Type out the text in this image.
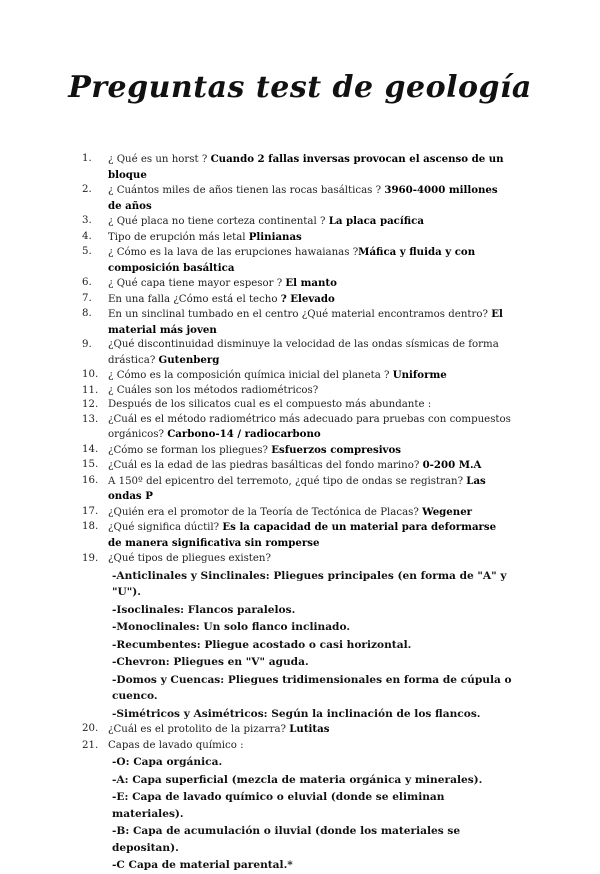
Preguntas test de geología
1.	¿ Qué es un horst ? Cuando 2 fallas inversas provocan el ascenso de un bloque
2.	¿ Cuántos miles de años tienen las rocas basálticas ? 3960-4000 millones de años
3.	¿ Qué placa no tiene corteza continental ? La placa pacífica
4.	Tipo de erupción más letal Plinianas
5.	¿ Cómo es la lava de las erupciones hawaianas ?Máfica y fluida y con composición basáltica
6.	¿ Qué capa tiene mayor espesor ? El manto
7.	En una falla ¿Cómo está el techo ? Elevado
8.	En un sinclinal tumbado en el centro ¿Qué material encontramos dentro? El material más joven
9.	¿Qué discontinuidad disminuye la velocidad de las ondas sísmicas de forma drástica? Gutenberg
10. ¿ Cómo es la composición química inicial del planeta ? Uniforme
11. ¿ Cuáles son los métodos radiométricos?
12. Después de los silicatos cual es el compuesto más abundante :
13. ¿Cuál es el método radiométrico más adecuado para pruebas con compuestos orgánicos? Carbono-14 / radiocarbono
14. ¿Cómo se forman los pliegues? Esfuerzos compresivos
15. ¿Cuál es la edad de las piedras basálticas del fondo marino? 0-200 M.A
16. A 150º del epicentro del terremoto, ¿qué tipo de ondas se registran? Las ondas P
17. ¿Quién era el promotor de la Teoría de Tectónica de Placas? Wegener
18. ¿Qué significa dúctil? Es la capacidad de un material para deformarse de manera significativa sin romperse
19. ¿Qué tipos de pliegues existen?
-Anticlinales y Sinclinales: Pliegues principales (en forma de "A" y "U").
-Isoclinales: Flancos paralelos.
-Monoclinales: Un solo flanco inclinado.
-Recumbentes: Pliegue acostado o casi horizontal.
-Chevron: Pliegues en "V" aguda.
-Domos y Cuencas: Pliegues tridimensionales en forma de cúpula o cuenco.
-Simétricos y Asimétricos: Según la inclinación de los flancos.
20. ¿Cuál es el protolito de la pizarra? Lutitas
21. Capas de lavado químico :
-O: Capa orgánica.
-A: Capa superficial (mezcla de materia orgánica y minerales).
-E: Capa de lavado químico o eluvial (donde se eliminan materiales).
-B: Capa de acumulación o iluvial (donde los materiales se depositan).
-C Capa de material parental.*
